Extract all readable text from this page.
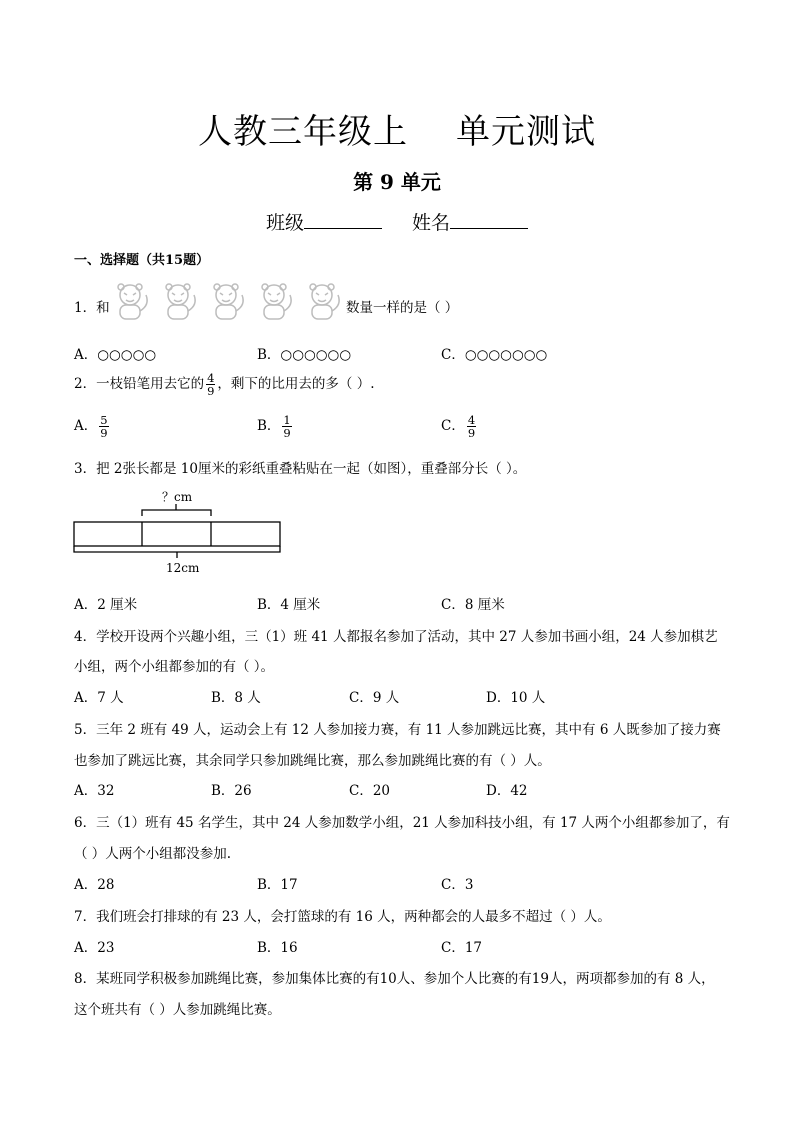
人教三年级上 单元测试
第 9 单元
班级	姓名
一、选择题（共15题）
1．和	数量一样的是（ ）
A．○○○○○	B．○○○○○○	C．○○○○○○○
2．一枝铅笔用去它的 $\frac{4}{9}$ ，剩下的比用去的多（ ）.
A． $\frac{5}{9}$	B． $\frac{1}{9}$	C． $\frac{4}{9}$
3．把 2张长都是 10厘米的彩纸重叠粘贴在一起（如图），重叠部分长（ ）。
？cm
12cm
A．2 厘米	B．4 厘米	C．8 厘米
4．学校开设两个兴趣小组，三（1）班 41 人都报名参加了活动，其中 27 人参加书画小组，24 人参加棋艺
小组，两个小组都参加的有（ ）。
A．7 人	B．8 人	C．9 人	D．10 人
5．三年 2 班有 49 人，运动会上有 12 人参加接力赛，有 11 人参加跳远比赛，其中有 6 人既参加了接力赛
也参加了跳远比赛，其余同学只参加跳绳比赛，那么参加跳绳比赛的有（ ）人。
A．32	B．26	C．20	D．42
6．三（1）班有 45 名学生，其中 24 人参加数学小组，21 人参加科技小组，有 17 人两个小组都参加了，有
（ ）人两个小组都没参加.
A．28	B．17	C．3
7．我们班会打排球的有 23 人，会打篮球的有 16 人，两种都会的人最多不超过（ ）人。
A．23	B．16	C．17
8．某班同学积极参加跳绳比赛，参加集体比赛的有10人、参加个人比赛的有19人，两项都参加的有 8 人，
这个班共有（ ）人参加跳绳比赛。
